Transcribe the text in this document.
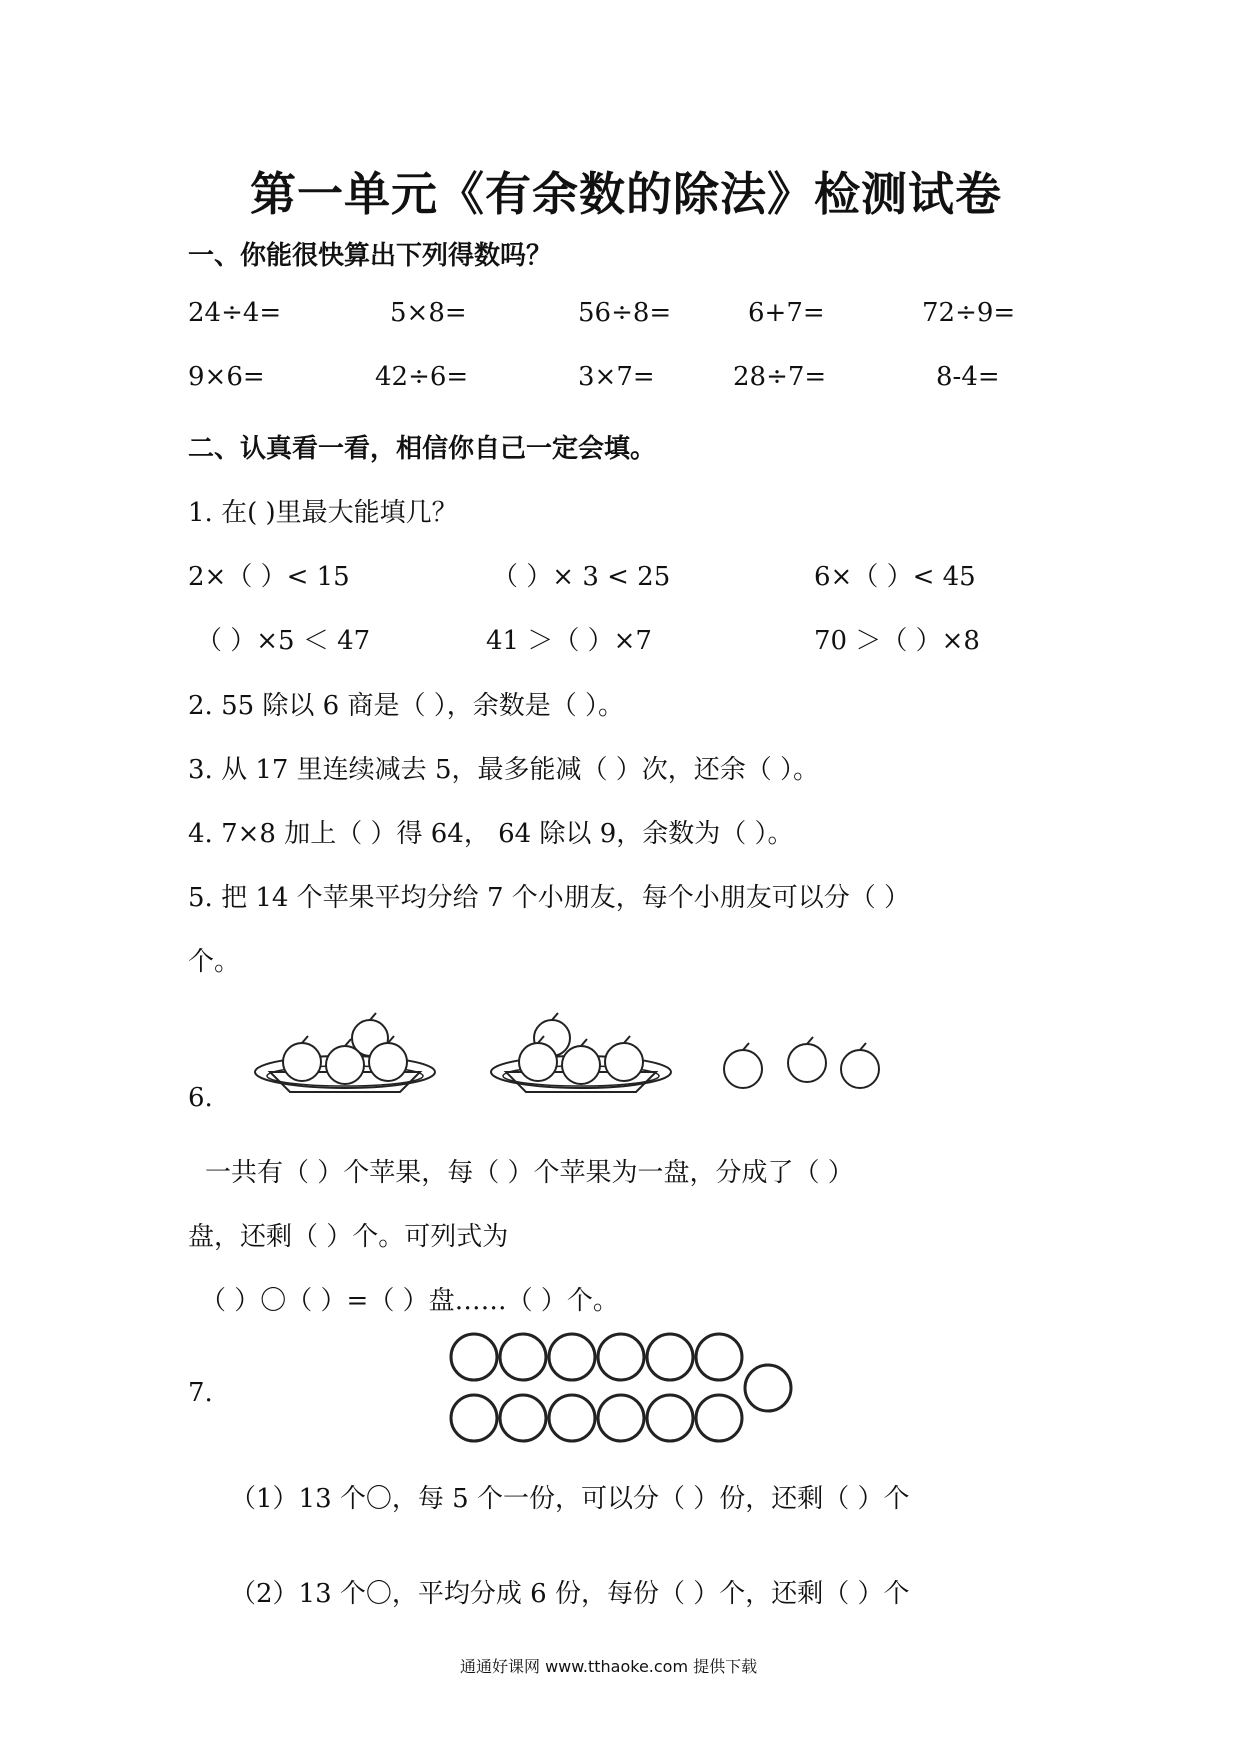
第一单元《有余数的除法》检测试卷
一、你能很快算出下列得数吗？
24÷4=	5×8=	56÷8=	6+7=	72÷9=
9×6=	42÷6=	3×7=	28÷7=	8-4=
二、认真看一看，相信你自己一定会填。
1. 在( )里最大能填几？
2×（ ）< 15	（ ）× 3 < 25	6×（ ）< 45
（ ）×5 ＜ 47	41 ＞（ ）×7	70 ＞（ ）×8
2. 55 除以 6 商是（ ），余数是（ ）。
3. 从 17 里连续减去 5，最多能减（ ）次，还余（ ）。
4. 7×8 加上（ ）得 64， 64 除以 9，余数为（ ）。
5. 把 14 个苹果平均分给 7 个小朋友，每个小朋友可以分（ ）
个。
6.
一共有（ ）个苹果，每（ ）个苹果为一盘，分成了（ ）
盘，还剩（ ）个。可列式为
（ ）〇（ ）=（ ）盘……（ ）个。
7.
（1）13 个〇，每 5 个一份，可以分（ ）份，还剩（ ）个
（2）13 个〇，平均分成 6 份，每份（ ）个，还剩（ ）个
通通好课网 www.tthaoke.com 提供下载
